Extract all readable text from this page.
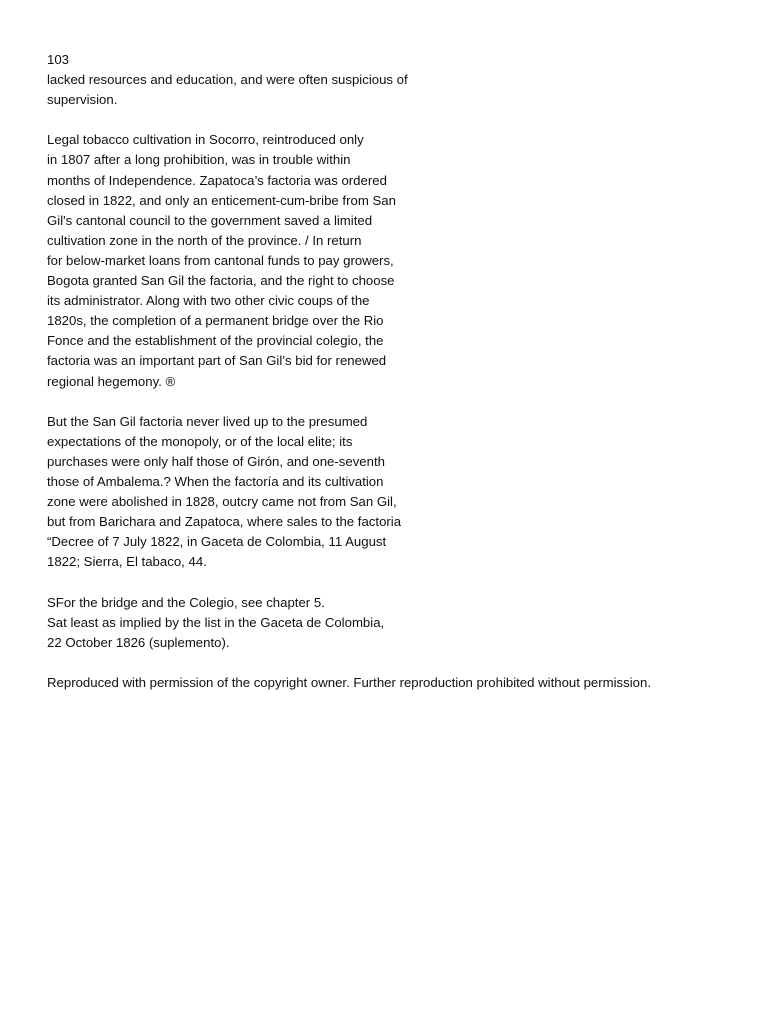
103
lacked resources and education, and were often suspicious of
supervision.
Legal tobacco cultivation in Socorro, reintroduced only
in 1807 after a long prohibition, was in trouble within
months of Independence. Zapatoca’s factoria was ordered
closed in 1822, and only an enticement-cum-bribe from San
Gil's cantonal council to the government saved a limited
cultivation zone in the north of the province. / In return
for below-market loans from cantonal funds to pay growers,
Bogota granted San Gil the factoria, and the right to choose
its administrator. Along with two other civic coups of the
1820s, the completion of a permanent bridge over the Rio
Fonce and the establishment of the provincial colegio, the
factoria was an important part of San Gil’s bid for renewed
regional hegemony. ®
But the San Gil factoria never lived up to the presumed
expectations of the monopoly, or of the local elite; its
purchases were only half those of Girón, and one-seventh
those of Ambalema.? When the factoría and its cultivation
zone were abolished in 1828, outcry came not from San Gil,
but from Barichara and Zapatoca, where sales to the factoria
“Decree of 7 July 1822, in Gaceta de Colombia, 11 August
1822; Sierra, El tabaco, 44.
SFor the bridge and the Colegio, see chapter 5.
Sat least as implied by the list in the Gaceta de Colombia,
22 October 1826 (suplemento).
Reproduced with permission of the copyright owner. Further reproduction prohibited without permission.
